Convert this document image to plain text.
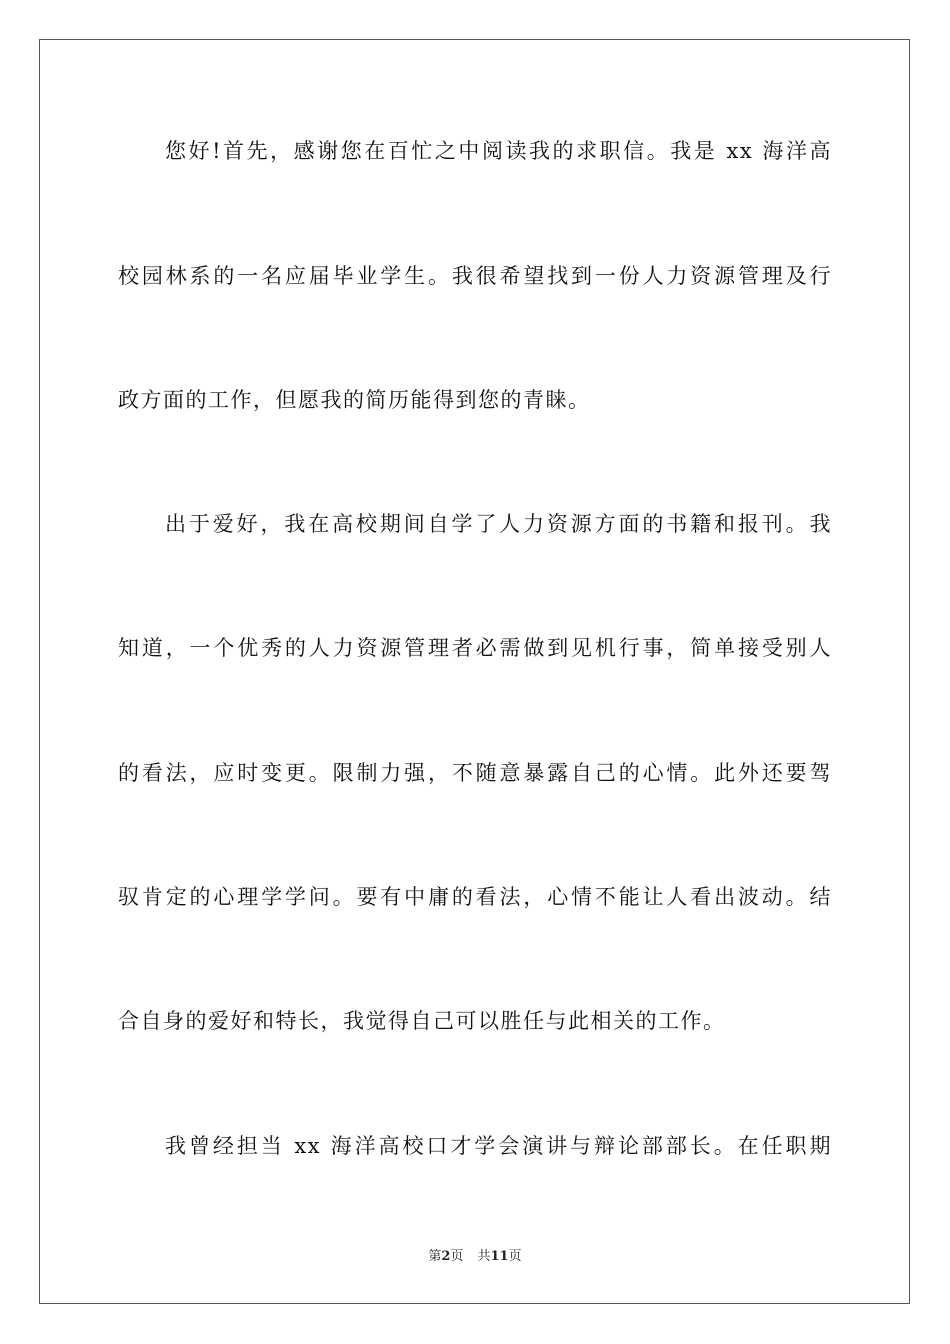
您好!首先，感谢您在百忙之中阅读我的求职信。我是 xx 海洋高
校园林系的一名应届毕业学生。我很希望找到一份人力资源管理及行
政方面的工作，但愿我的简历能得到您的青睐。
出于爱好，我在高校期间自学了人力资源方面的书籍和报刊。我
知道，一个优秀的人力资源管理者必需做到见机行事，简单接受别人
的看法，应时变更。限制力强，不随意暴露自己的心情。此外还要驾
驭肯定的心理学学问。要有中庸的看法，心情不能让人看出波动。结
合自身的爱好和特长，我觉得自己可以胜任与此相关的工作。
我曾经担当 xx 海洋高校口才学会演讲与辩论部部长。在任职期
第2页 共11页
